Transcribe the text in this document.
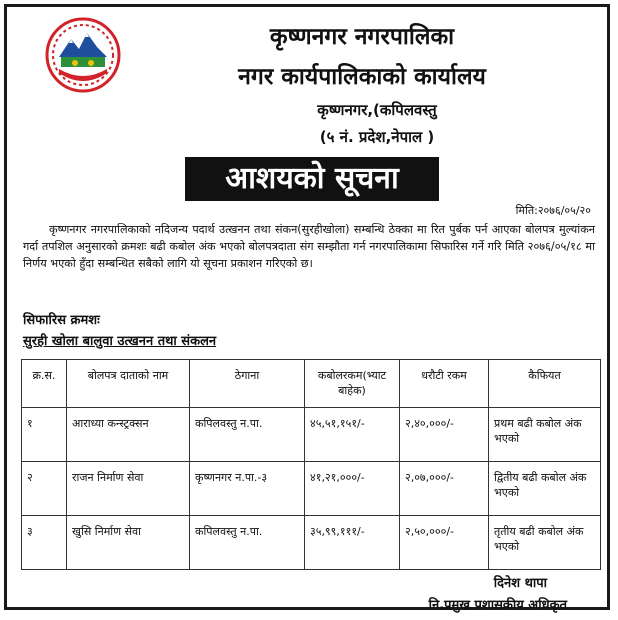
कृष्णनगर नगरपालिका
नगर कार्यपालिकाको कार्यालय
कृष्णनगर,(कपिलवस्तु
(५ नं. प्रदेश,नेपाल )
आशयको सूचना
मिति:२०७६/०५/२०
कृष्णनगर नगरपालिकाको नदिजन्य पदार्थ उत्खनन तथा संकन(सुरहीखोला) सम्बन्धि ठेक्का मा रित पुर्बक पर्न आएका बोलपत्र मुल्यांकन गर्दा तपशिल अनुसारको क्रमशः बढी कबोल अंक भएको बोलपत्रदाता संग सम्झौता गर्न नगरपालिकामा सिफारिस गर्ने गरि मिति २०७६/०५/१८ मा निर्णय भएको हुँदा सम्बन्धित सबैको लागि यो सूचना प्रकाशन गरिएको छ।
सिफारिस क्रमशः
सुरही खोला बालुवा उत्खनन तथा संकलन
क्र.स.	बोलपत्र दाताको नाम	ठेगाना	कबोलरकम(भ्याट बाहेक)	धरौटी रकम	कैफियत
१	आराध्या कन्स्ट्रक्सन	कपिलवस्तु न.पा.	४५,५१,१५१/-	२,४०,०००/-	प्रथम बढी कबोल अंक भएको
२	राजन निर्माण सेवा	कृष्णनगर न.पा.-३	४१,२१,०००/-	२,०७,०००/-	द्वितीय बढी कबोल अंक भएको
३	खुसि निर्माण सेवा	कपिलवस्तु न.पा.	३५,९९,१११/-	२,५०,०००/-	तृतीय बढी कबोल अंक भएको
दिनेश थापा
नि.प्रमुख प्रशासकीय अधिकृत
